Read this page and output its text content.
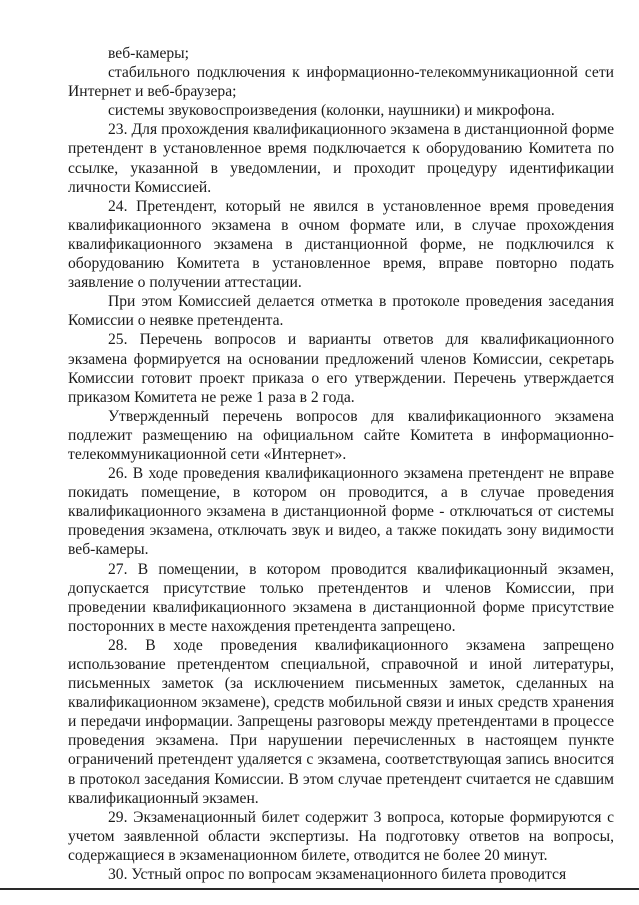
веб-камеры;

стабильного подключения к информационно-телекоммуникационной сети Интернет и веб-браузера;

системы звуковоспроизведения (колонки, наушники) и микрофона.

23. Для прохождения квалификационного экзамена в дистанционной форме претендент в установленное время подключается к оборудованию Комитета по ссылке, указанной в уведомлении, и проходит процедуру идентификации личности Комиссией.

24. Претендент, который не явился в установленное время проведения квалификационного экзамена в очном формате или, в случае прохождения квалификационного экзамена в дистанционной форме, не подключился к оборудованию Комитета в установленное время, вправе повторно подать заявление о получении аттестации.

При этом Комиссией делается отметка в протоколе проведения заседания Комиссии о неявке претендента.

25. Перечень вопросов и варианты ответов для квалификационного экзамена формируется на основании предложений членов Комиссии, секретарь Комиссии готовит проект приказа о его утверждении. Перечень утверждается приказом Комитета не реже 1 раза в 2 года.

Утвержденный перечень вопросов для квалификационного экзамена подлежит размещению на официальном сайте Комитета в информационно-телекоммуникационной сети «Интернет».

26. В ходе проведения квалификационного экзамена претендент не вправе покидать помещение, в котором он проводится, а в случае проведения квалификационного экзамена в дистанционной форме - отключаться от системы проведения экзамена, отключать звук и видео, а также покидать зону видимости веб-камеры.

27. В помещении, в котором проводится квалификационный экзамен, допускается присутствие только претендентов и членов Комиссии, при проведении квалификационного экзамена в дистанционной форме присутствие посторонних в месте нахождения претендента запрещено.

28. В ходе проведения квалификационного экзамена запрещено использование претендентом специальной, справочной и иной литературы, письменных заметок (за исключением письменных заметок, сделанных на квалификационном экзамене), средств мобильной связи и иных средств хранения и передачи информации. Запрещены разговоры между претендентами в процессе проведения экзамена. При нарушении перечисленных в настоящем пункте ограничений претендент удаляется с экзамена, соответствующая запись вносится в протокол заседания Комиссии. В этом случае претендент считается не сдавшим квалификационный экзамен.

29. Экзаменационный билет содержит 3 вопроса, которые формируются с учетом заявленной области экспертизы. На подготовку ответов на вопросы, содержащиеся в экзаменационном билете, отводится не более 20 минут.

30. Устный опрос по вопросам экзаменационного билета проводится
